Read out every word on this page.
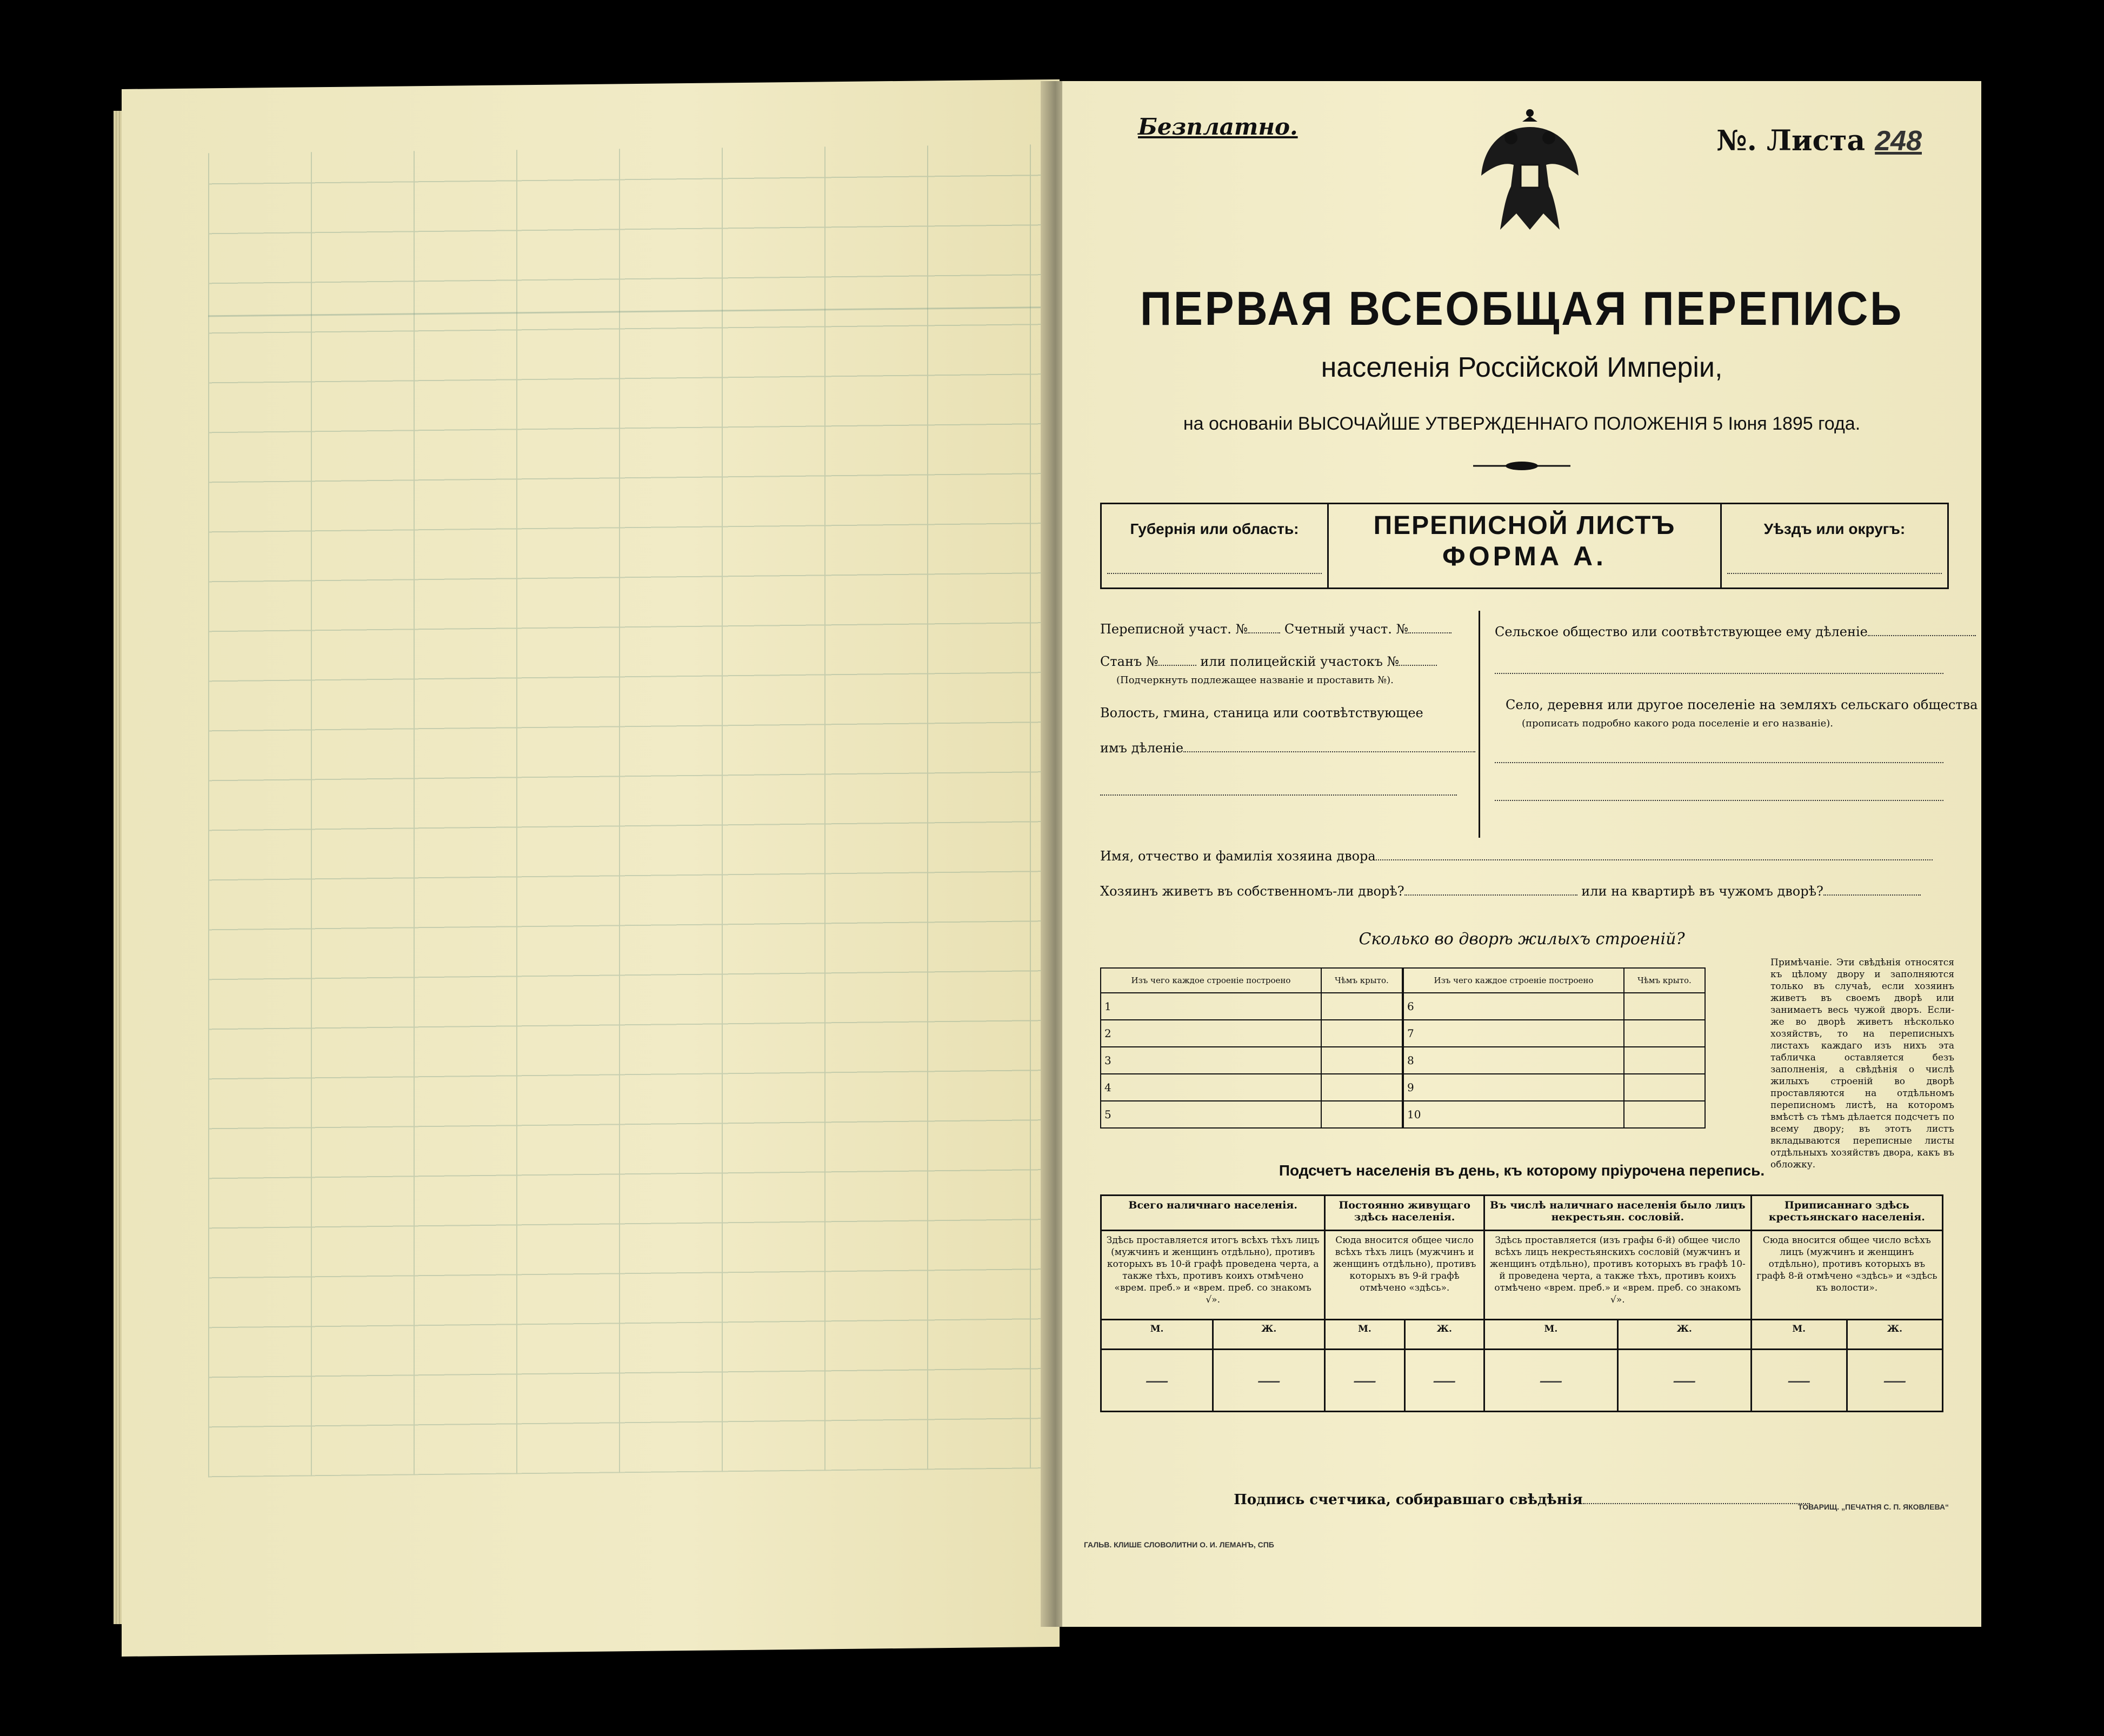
Безплатно.	№. Листа 248
ПЕРВАЯ ВСЕОБЩАЯ ПЕРЕПИСЬ
населенія Россійской Имперіи,
на основаніи ВЫСОЧАЙШЕ УТВЕРЖДЕННАГО ПОЛОЖЕНІЯ 5 Іюня 1895 года.
Губернія или область:	ПЕРЕПИСНОЙ ЛИСТЪ
ФОРМА А.
Уѣздъ или округъ:
Переписной участ. №	Счетный участ. №
Станъ №	или полицейскій участокъ №
(Подчеркнуть подлежащее названіе и проставить №).
Волость, гмина, станица или соотвѣтствующее
имъ дѣленіе
Сельское общество или соотвѣтствующее ему дѣленіе
Село, деревня или другое поселеніе на земляхъ сельскаго общества
(прописать подробно какого рода поселеніе и его названіе).
Имя, отчество и фамилія хозяина двора
Хозяинъ живетъ въ собственномъ-ли дворѣ?	или на квартирѣ въ чужомъ дворѣ?
Сколько во дворѣ жилыхъ строеній?
Изъ чего каждое строеніе построено	Чѣмъ крыто.
1	
2	
3	
4	
5	
Изъ чего каждое строеніе построено	Чѣмъ крыто.
6	
7	
8	
9	
10	
Примѣчаніе. Эти свѣдѣнія относятся къ цѣлому двору и заполняются только въ случаѣ, если хозяинъ живетъ въ своемъ дворѣ или занимаетъ весь чужой дворъ. Если-же во дворѣ живетъ нѣсколько хозяйствъ, то на переписныхъ листахъ каждаго изъ нихъ эта табличка оставляется безъ заполненія, а свѣдѣнія о числѣ жилыхъ строеній во дворѣ проставляются на отдѣльномъ переписномъ листѣ, на которомъ вмѣстѣ съ тѣмъ дѣлается подсчетъ по всему двору; въ этотъ листъ вкладываются переписные листы отдѣльныхъ хозяйствъ двора, какъ въ обложку.
Подсчетъ населенія въ день, къ которому пріурочена перепись.
Всего наличнаго населенія.		Постоянно живущаго здѣсь населенія.		Въ числѣ наличнаго населенія было лицъ некрестьян. сословій.		Приписаннаго здѣсь крестьянскаго населенія.	
Здѣсь проставляется итогъ всѣхъ тѣхъ лицъ (мужчинъ и женщинъ отдѣльно), противъ которыхъ въ 10-й графѣ проведена черта, а также тѣхъ, противъ коихъ отмѣчено «врем. преб.» и «врем. преб. со знакомъ √».		Сюда вносится общее число всѣхъ тѣхъ лицъ (мужчинъ и женщинъ отдѣльно), противъ которыхъ въ 9-й графѣ отмѣчено «здѣсь».		Здѣсь проставляется (изъ графы 6-й) общее число всѣхъ лицъ некрестьянскихъ сословій (мужчинъ и женщинъ отдѣльно), противъ которыхъ въ графѣ 10-й проведена черта, а также тѣхъ, противъ коихъ отмѣчено «врем. преб.» и «врем. преб. со знакомъ √».		Сюда вносится общее число всѣхъ лицъ (мужчинъ и женщинъ отдѣльно), противъ которыхъ въ графѣ 8-й отмѣчено «здѣсь» и «здѣсь къ волости».	
М.	Ж.	М.	Ж.	М.	Ж.	М.	Ж.
—	—	—	—	—	—	—	—
Подпись счетчика, собиравшаго свѣдѣнія
ГАЛЬВ. КЛИШЕ СЛОВОЛИТНИ О. И. ЛЕМАНЪ, СПБ
ТОВАРИЩ. „ПЕЧАТНЯ С. П. ЯКОВЛЕВА“
